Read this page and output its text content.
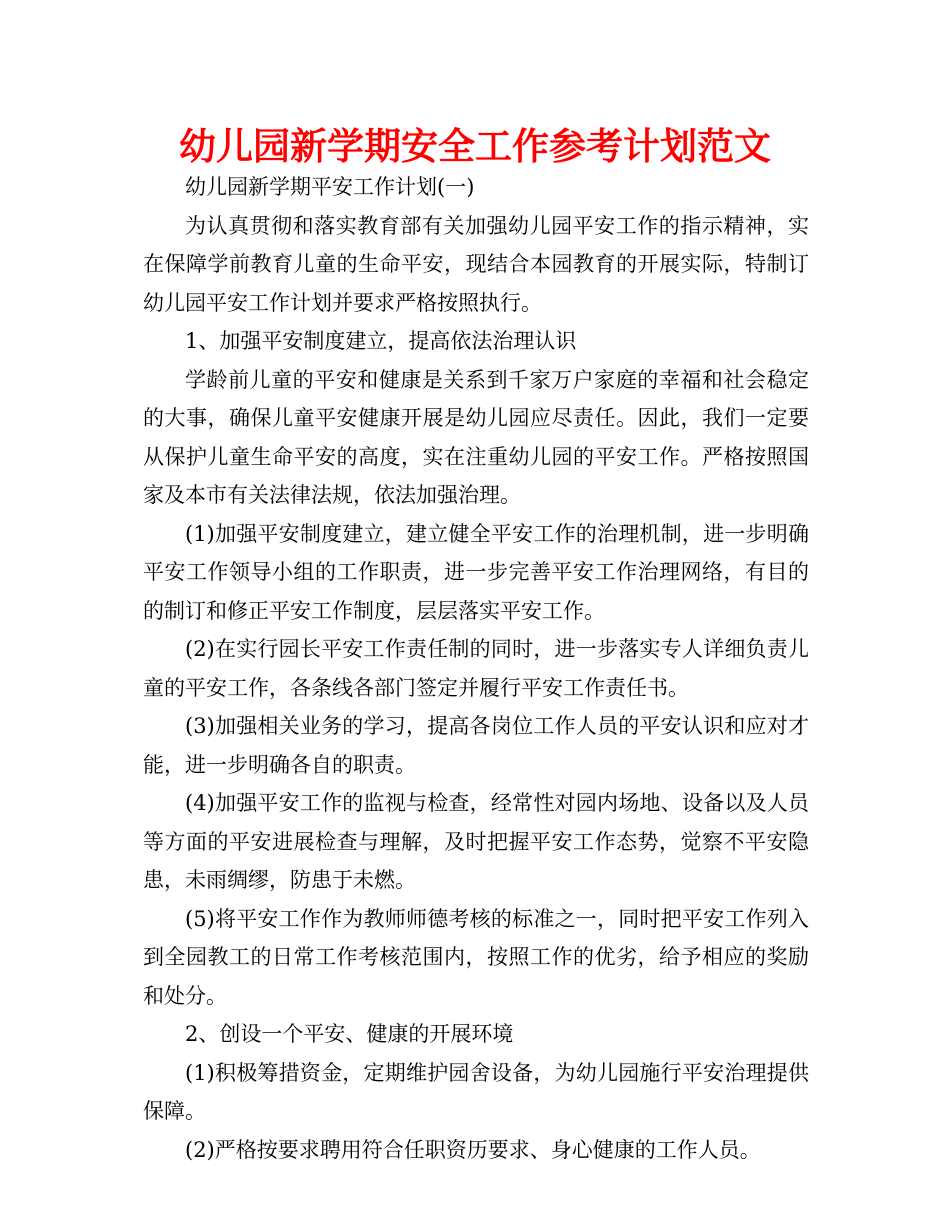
幼儿园新学期安全工作参考计划范文

幼儿园新学期平安工作计划(一)

为认真贯彻和落实教育部有关加强幼儿园平安工作的指示精神，实在保障学前教育儿童的生命平安，现结合本园教育的开展实际，特制订幼儿园平安工作计划并要求严格按照执行。

1、加强平安制度建立，提高依法治理认识

学龄前儿童的平安和健康是关系到千家万户家庭的幸福和社会稳定的大事，确保儿童平安健康开展是幼儿园应尽责任。因此，我们一定要从保护儿童生命平安的高度，实在注重幼儿园的平安工作。严格按照国家及本市有关法律法规，依法加强治理。

(1)加强平安制度建立，建立健全平安工作的治理机制，进一步明确平安工作领导小组的工作职责，进一步完善平安工作治理网络，有目的的制订和修正平安工作制度，层层落实平安工作。

(2)在实行园长平安工作责任制的同时，进一步落实专人详细负责儿童的平安工作，各条线各部门签定并履行平安工作责任书。

(3)加强相关业务的学习，提高各岗位工作人员的平安认识和应对才能，进一步明确各自的职责。

(4)加强平安工作的监视与检查，经常性对园内场地、设备以及人员等方面的平安进展检查与理解，及时把握平安工作态势，觉察不平安隐患，未雨绸缪，防患于未燃。

(5)将平安工作作为教师师德考核的标准之一，同时把平安工作列入到全园教工的日常工作考核范围内，按照工作的优劣，给予相应的奖励和处分。

2、创设一个平安、健康的开展环境

(1)积极筹措资金，定期维护园舍设备，为幼儿园施行平安治理提供保障。

(2)严格按要求聘用符合任职资历要求、身心健康的工作人员。
